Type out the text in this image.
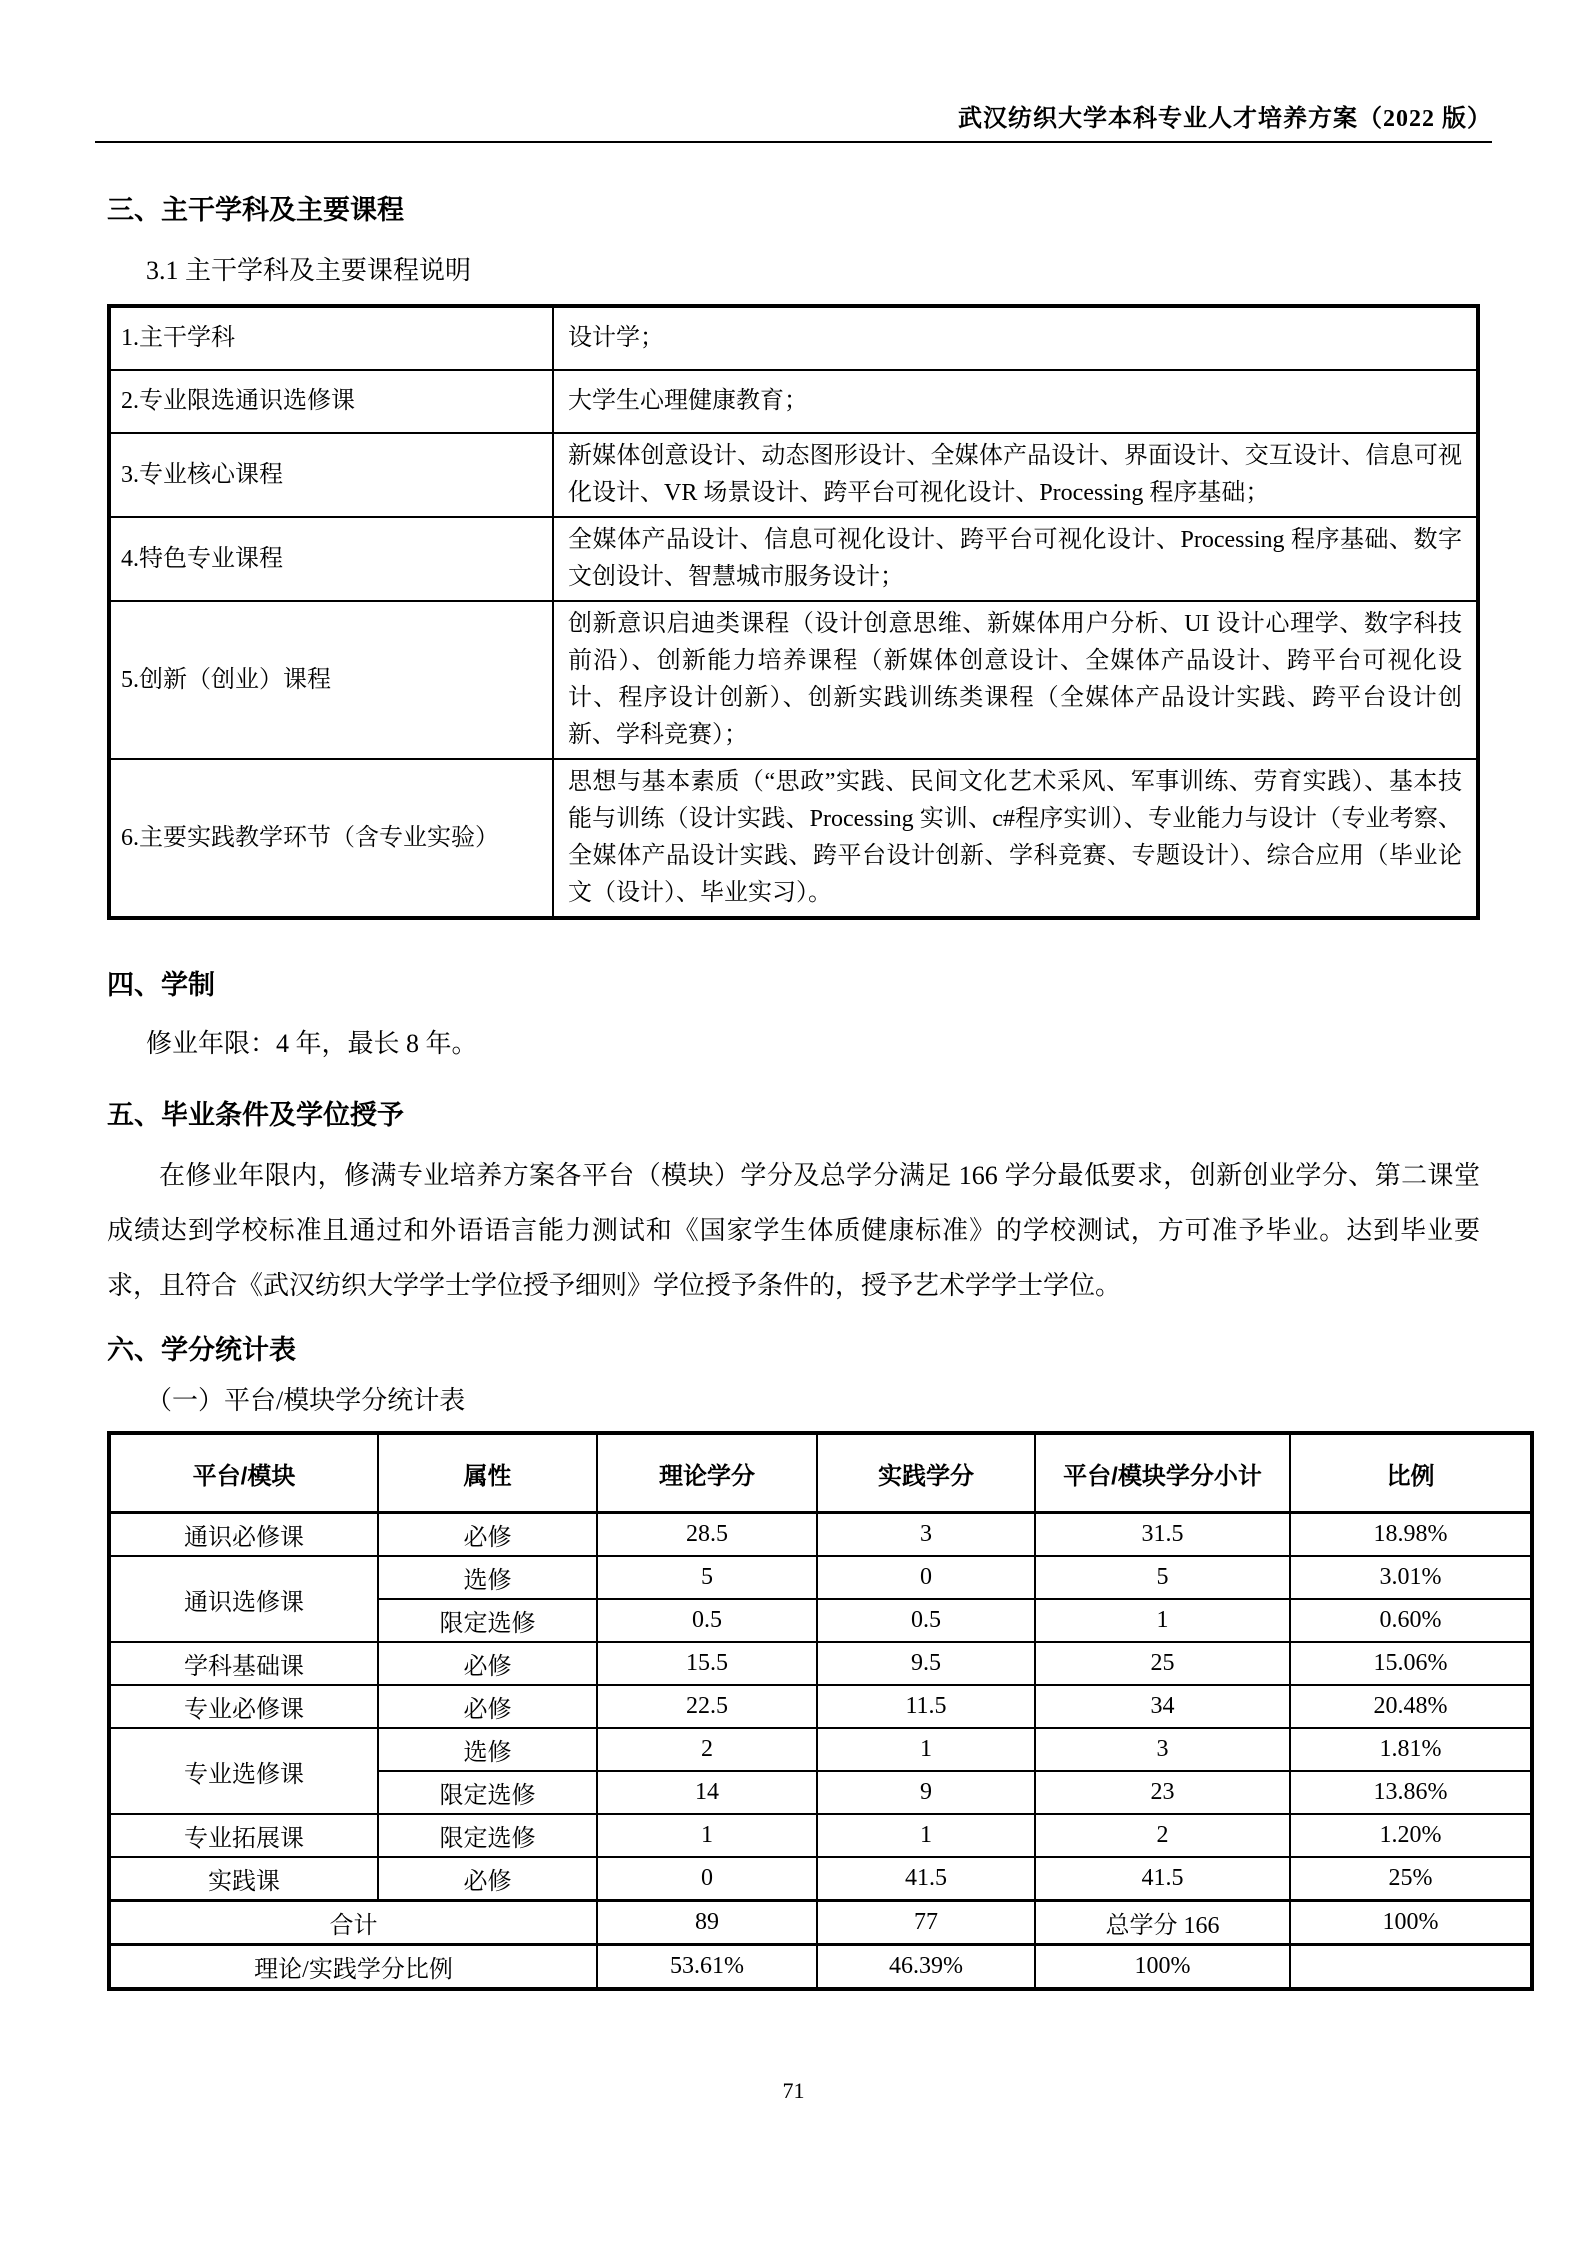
武汉纺织大学本科专业人才培养方案（2022 版）
三、主干学科及主要课程
3.1 主干学科及主要课程说明
1.主干学科	设计学；
2.专业限选通识选修课	大学生心理健康教育；
3.专业核心课程	新媒体创意设计、动态图形设计、全媒体产品设计、界面设计、交互设计、信息可视化设计、VR 场景设计、跨平台可视化设计、Processing 程序基础；
4.特色专业课程	全媒体产品设计、信息可视化设计、跨平台可视化设计、Processing 程序基础、数字文创设计、智慧城市服务设计；
5.创新（创业）课程	创新意识启迪类课程（设计创意思维、新媒体用户分析、UI 设计心理学、数字科技前沿）、创新能力培养课程（新媒体创意设计、全媒体产品设计、跨平台可视化设计、程序设计创新）、创新实践训练类课程（全媒体产品设计实践、跨平台设计创新、学科竞赛）；
6.主要实践教学环节（含专业实验）	思想与基本素质（“思政”实践、民间文化艺术采风、军事训练、劳育实践）、基本技能与训练（设计实践、Processing 实训、c#程序实训）、专业能力与设计（专业考察、全媒体产品设计实践、跨平台设计创新、学科竞赛、专题设计）、综合应用（毕业论文（设计）、毕业实习）。
四、学制
修业年限：4 年，最长 8 年。
五、毕业条件及学位授予
在修业年限内，修满专业培养方案各平台（模块）学分及总学分满足 166 学分最低要求，创新创业学分、第二课堂成绩达到学校标准且通过和外语语言能力测试和《国家学生体质健康标准》的学校测试，方可准予毕业。达到毕业要求，且符合《武汉纺织大学学士学位授予细则》学位授予条件的，授予艺术学学士学位。
六、学分统计表
（一）平台/模块学分统计表
平台/模块	属性	理论学分	实践学分	平台/模块学分小计	比例
通识必修课	必修	28.5	3	31.5	18.98%
通识选修课	选修	5	0	5	3.01%
	限定选修	0.5	0.5	1	0.60%
学科基础课	必修	15.5	9.5	25	15.06%
专业必修课	必修	22.5	11.5	34	20.48%
专业选修课	选修	2	1	3	1.81%
	限定选修	14	9	23	13.86%
专业拓展课	限定选修	1	1	2	1.20%
实践课	必修	0	41.5	41.5	25%
合计		89	77	总学分 166	100%
理论/实践学分比例		53.61%	46.39%	100%	
71
